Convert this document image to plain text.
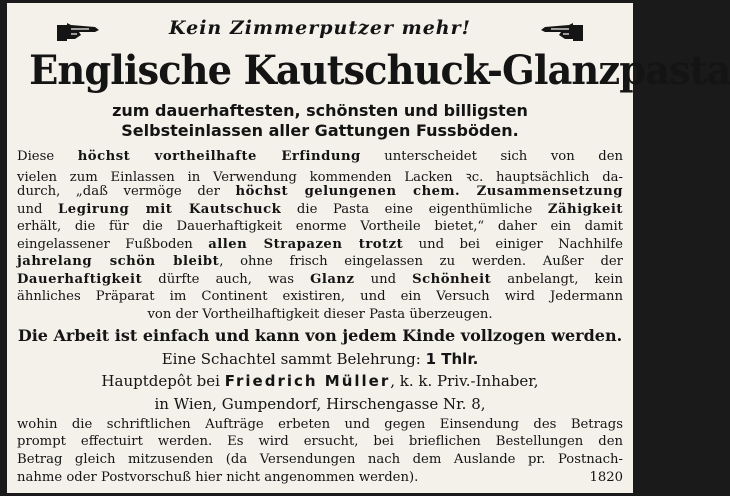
Kein Zimmerputzer mehr!
Englische Kautschuck-Glanzpasta
zum dauerhaftesten, schönsten und billigsten
Selbsteinlassen aller Gattungen Fussböden.
Diese höchst vortheilhafte Erfindung unterscheidet sich von den
vielen zum Einlassen in Verwendung kommenden Lacken ꝛc. hauptsächlich da-
durch, „daß vermöge der höchst gelungenen chem. Zusammensetzung
und Legirung mit Kautschuck die Pasta eine eigenthümliche Zähigkeit
erhält, die für die Dauerhaftigkeit enorme Vortheile bietet,“ daher ein damit
eingelassener Fußboden allen Strapazen trotzt und bei einiger Nachhilfe
jahrelang schön bleibt, ohne frisch eingelassen zu werden. Außer der
Dauerhaftigkeit dürfte auch, was Glanz und Schönheit anbelangt, kein
ähnliches Präparat im Continent existiren, und ein Versuch wird Jedermann
von der Vortheilhaftigkeit dieser Pasta überzeugen.
Die Arbeit ist einfach und kann von jedem Kinde vollzogen werden.
Eine Schachtel sammt Belehrung: 1 Thlr.
Hauptdepôt bei Friedrich Müller, k. k. Priv.-Inhaber,
in Wien, Gumpendorf, Hirschengasse Nr. 8,
wohin die schriftlichen Aufträge erbeten und gegen Einsendung des Betrags
prompt effectuirt werden. Es wird ersucht, bei brieflichen Bestellungen den
Betrag gleich mitzusenden (da Versendungen nach dem Auslande pr. Postnach-
nahme oder Postvorschuß hier nicht angenommen werden).	1820
